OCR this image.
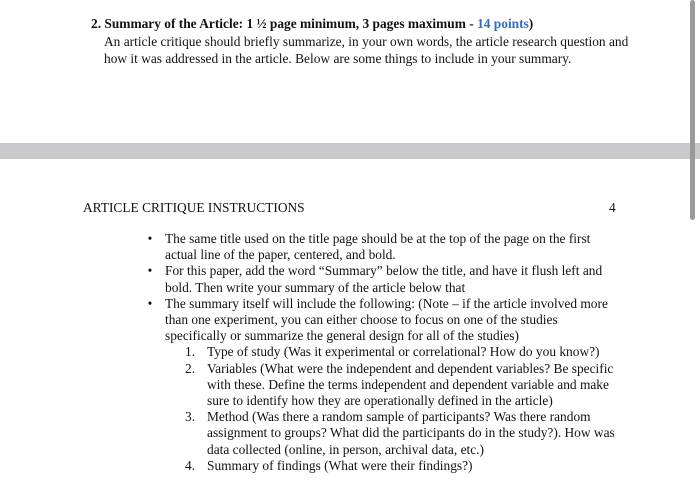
2. Summary of the Article: 1 ½ page minimum, 3 pages maximum - 14 points)
An article critique should briefly summarize, in your own words, the article research question and how it was addressed in the article. Below are some things to include in your summary.
ARTICLE CRITIQUE INSTRUCTIONS	4
• The same title used on the title page should be at the top of the page on the first actual line of the paper, centered, and bold.
• For this paper, add the word “Summary” below the title, and have it flush left and bold. Then write your summary of the article below that
• The summary itself will include the following: (Note – if the article involved more than one experiment, you can either choose to focus on one of the studies specifically or summarize the general design for all of the studies)
1. Type of study (Was it experimental or correlational? How do you know?)
2. Variables (What were the independent and dependent variables? Be specific with these. Define the terms independent and dependent variable and make sure to identify how they are operationally defined in the article)
3. Method (Was there a random sample of participants? Was there random assignment to groups? What did the participants do in the study?). How was data collected (online, in person, archival data, etc.)
4. Summary of findings (What were their findings?)
